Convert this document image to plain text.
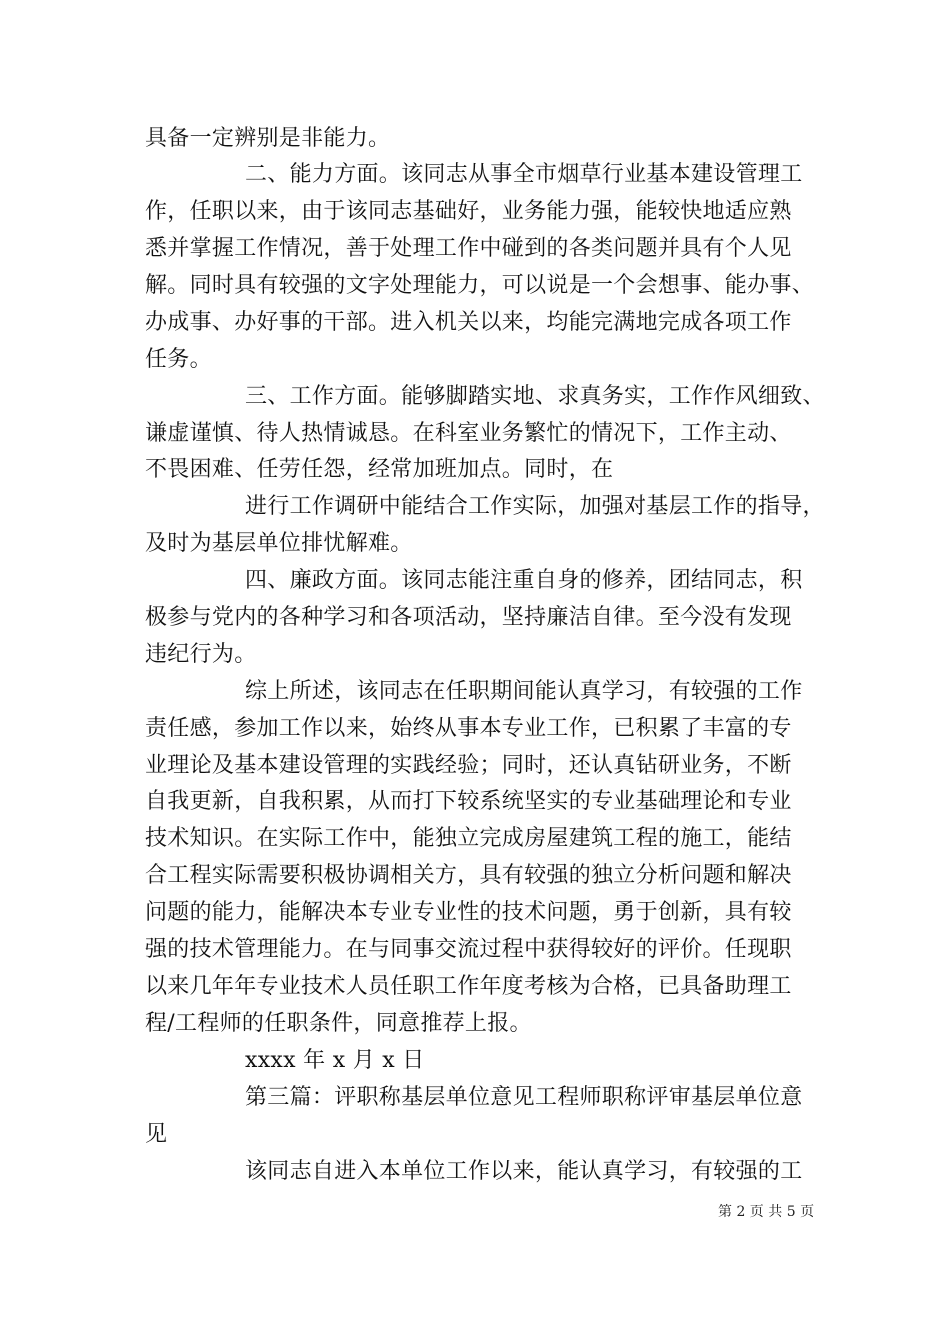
具备一定辨别是非能力。
二、能力方面。该同志从事全市烟草行业基本建设管理工
作，任职以来，由于该同志基础好，业务能力强，能较快地适应熟
悉并掌握工作情况，善于处理工作中碰到的各类问题并具有个人见
解。同时具有较强的文字处理能力，可以说是一个会想事、能办事、
办成事、办好事的干部。进入机关以来，均能完满地完成各项工作
任务。
三、工作方面。能够脚踏实地、求真务实，工作作风细致、
谦虚谨慎、待人热情诚恳。在科室业务繁忙的情况下，工作主动、
不畏困难、任劳任怨，经常加班加点。同时，在
进行工作调研中能结合工作实际，加强对基层工作的指导，
及时为基层单位排忧解难。
四、廉政方面。该同志能注重自身的修养，团结同志，积
极参与党内的各种学习和各项活动，坚持廉洁自律。至今没有发现
违纪行为。
综上所述，该同志在任职期间能认真学习，有较强的工作
责任感，参加工作以来，始终从事本专业工作，已积累了丰富的专
业理论及基本建设管理的实践经验；同时，还认真钻研业务，不断
自我更新，自我积累，从而打下较系统坚实的专业基础理论和专业
技术知识。在实际工作中，能独立完成房屋建筑工程的施工，能结
合工程实际需要积极协调相关方，具有较强的独立分析问题和解决
问题的能力，能解决本专业专业性的技术问题，勇于创新，具有较
强的技术管理能力。在与同事交流过程中获得较好的评价。任现职
以来几年年专业技术人员任职工作年度考核为合格，已具备助理工
程/工程师的任职条件，同意推荐上报。
xxxx 年 x 月 x 日
第三篇：评职称基层单位意见工程师职称评审基层单位意
见
该同志自进入本单位工作以来，能认真学习，有较强的工
第 2 页 共 5 页
